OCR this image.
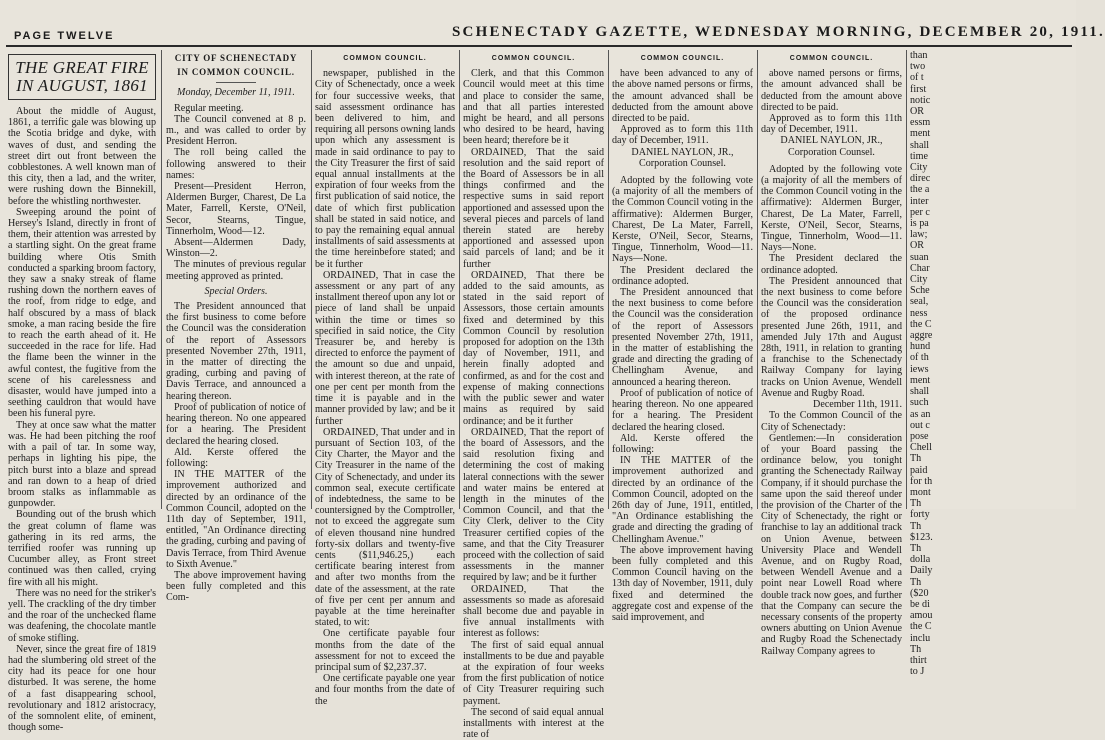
PAGE TWELVE	SCHENECTADY GAZETTE, WEDNESDAY MORNING, DECEMBER 20, 1911.
THE GREAT FIRE
IN AUGUST, 1861

About the middle of August, 1861, a terrific gale was blowing up the Scotia bridge and dyke, with waves of dust, and sending the street dirt out front between the cobblestones. A well known man of this city, then a lad, and the writer, were rushing down the Binnekill, before the whistling northwester.

Sweeping around the point of Hersey's Island, directly in front of them, their attention was arrested by a startling sight. On the great frame building where Otis Smith conducted a sparking broom factory, they saw a snaky streak of flame rushing down the northern eaves of the roof, from ridge to edge, and half obscured by a mass of black smoke, a man racing beside the fire to reach the earth ahead of it. He succeeded in the race for life. Had the flame been the winner in the awful contest, the fugitive from the scene of his carelessness and disaster, would have jumped into a seething cauldron that would have been his funeral pyre.

They at once saw what the matter was. He had been pitching the roof with a pail of tar. In some way, perhaps in lighting his pipe, the pitch burst into a blaze and spread and ran down to a heap of dried broom stalks as inflammable as gunpowder.

Bounding out of the brush which the great column of flame was gathering in its red arms, the terrified roofer was running up Cucumber alley, as Front street continued was then called, crying fire with all his might.

There was no need for the striker's yell. The crackling of the dry timber and the roar of the unchecked flame was deafening, the chocolate mantle of smoke stifling.

Never, since the great fire of 1819 had the slumbering old street of the city had its peace for one hour disturbed. It was serene, the home of a fast disappearing school, revolutionary and 1812 aristocracy, of the somnolent elite, of eminent, though some-

CITY OF SCHENECTADY
IN COMMON COUNCIL.
Monday, December 11, 1911.

Regular meeting.

The Council convened at 8 p. m., and was called to order by President Herron.

The roll being called the following answered to their names:

Present—President Herron, Aldermen Burger, Charest, De La Mater, Farrell, Kerste, O'Neil, Secor, Stearns, Tingue, Tinnerholm, Wood—12.

Absent—Aldermen Dady, Winston—2.

The minutes of previous regular meeting approved as printed.

Special Orders.

The President announced that the first business to come before the Council was the consideration of the report of Assessors presented November 27th, 1911, in the matter of directing the grading, curbing and paving of Davis Terrace, and announced a hearing thereon.

Proof of publication of notice of hearing thereon. No one appeared for a hearing. The President declared the hearing closed.

Ald. Kerste offered the following:

IN THE MATTER of the improvement authorized and directed by an ordinance of the Common Council, adopted on the 11th day of September, 1911, entitled, "An Ordinance directing the grading, curbing and paving of Davis Terrace, from Third Avenue to Sixth Avenue."

The above improvement having been fully completed and this Com-

COMMON COUNCIL.

newspaper, published in the City of Schenectady, once a week for four successive weeks, that said assessment ordinance has been delivered to him, and requiring all persons owning lands upon which any assessment is made in said ordinance to pay to the City Treasurer the first of said equal annual installments at the expiration of four weeks from the first publication of said notice, the date of which first publication shall be stated in said notice, and to pay the remaining equal annual installments of said assessments at the time hereinbefore stated; and be it further

ORDAINED, That in case the assessment or any part of any installment thereof upon any lot or piece of land shall be unpaid within the time or times so specified in said notice, the City Treasurer be, and hereby is directed to enforce the payment of the amount so due and unpaid, with interest thereon, at the rate of one per cent per month from the time it is payable and in the manner provided by law; and be it further

ORDAINED, That under and in pursuant of Section 103, of the City Charter, the Mayor and the City Treasurer in the name of the City of Schenectady, and under its common seal, execute certificate of indebtedness, the same to be countersigned by the Comptroller, not to exceed the aggregate sum of eleven thousand nine hundred forty-six dollars and twenty-five cents ($11,946.25,) each certificate bearing interest from and after two months from the date of the assessment, at the rate of five per cent per annum and payable at the time hereinafter stated, to wit:

One certificate payable four months from the date of the assessment for not to exceed the principal sum of $2,237.37.

One certificate payable one year and four months from the date of the

COMMON COUNCIL.

Clerk, and that this Common Council would meet at this time and place to consider the same, and that all parties interested might be heard, and all persons who desired to be heard, having been heard; therefore be it

ORDAINED, That the said resolution and the said report of the Board of Assessors be in all things confirmed and the respective sums in said report apportioned and assessed upon the several pieces and parcels of land therein stated are hereby apportioned and assessed upon said parcels of land; and be it further

ORDAINED, That there be added to the said amounts, as stated in the said report of Assessors, those certain amounts fixed and determined by this Common Council by resolution proposed for adoption on the 13th day of November, 1911, and herein finally adopted and confirmed, as and for the cost and expense of making connections with the public sewer and water mains as required by said ordinance; and be it further

ORDAINED, That the report of the board of Assessors, and the said resolution fixing and determining the cost of making lateral connections with the sewer and water mains be entered at length in the minutes of the Common Council, and that the City Clerk, deliver to the City Treasurer certified copies of the same, and that the City Treasurer proceed with the collection of said assessments in the manner required by law; and be it further

ORDAINED, That the assessments so made as aforesaid shall become due and payable in five annual installments with interest as follows:

The first of said equal annual installments to be due and payable at the expiration of four weeks from the first publication of notice of City Treasurer requiring such payment.

The second of said equal annual installments with interest at the rate of

COMMON COUNCIL.

have been advanced to any of the above named persons or firms, the amount advanced shall be deducted from the amount above directed to be paid.

Approved as to form this 11th day of December, 1911.

DANIEL NAYLON, JR.,
Corporation Counsel.

Adopted by the following vote (a majority of all the members of the Common Council voting in the affirmative): Aldermen Burger, Charest, De La Mater, Farrell, Kerste, O'Neil, Secor, Stearns, Tingue, Tinnerholm, Wood—11. Nays—None.

The President declared the ordinance adopted.

The President announced that the next business to come before the Council was the consideration of the report of Assessors presented November 27th, 1911, in the matter of establishing the grade and directing the grading of Chellingham Avenue, and announced a hearing thereon.

Proof of publication of notice of hearing thereon. No one appeared for a hearing. The President declared the hearing closed.

Ald. Kerste offered the following:

IN THE MATTER of the improvement authorized and directed by an ordinance of the Common Council, adopted on the 26th day of June, 1911, entitled, "An Ordinance establishing the grade and directing the grading of Chellingham Avenue."

The above improvement having been fully completed and this Common Council having on the 13th day of November, 1911, duly fixed and determined the aggregate cost and expense of the said improvement, and

COMMON COUNCIL.

above named persons or firms, the amount advanced shall be deducted from the amount above directed to be paid.

Approved as to form this 11th day of December, 1911.

DANIEL NAYLON, JR.,
Corporation Counsel.

Adopted by the following vote (a majority of all the members of the Common Council voting in the affirmative): Aldermen Burger, Charest, De La Mater, Farrell, Kerste, O'Neil, Secor, Stearns, Tingue, Tinnerholm, Wood—11. Nays—None.

The President declared the ordinance adopted.

The President announced that the next business to come before the Council was the consideration of the proposed ordinance presented June 26th, 1911, and amended July 17th and August 28th, 1911, in relation to granting a franchise to the Schenectady Railway Company for laying tracks on Union Avenue, Wendell Avenue and Rugby Road.

December 11th, 1911.

To the Common Council of the City of Schenectady:

Gentlemen:—In consideration of your Board passing the ordinance below, you tonight granting the Schenectady Railway Company, if it should purchase the same upon the said thereof under the provision of the Charter of the City of Schenectady, the right or franchise to lay an additional track on Union Avenue, between University Place and Wendell Avenue, and on Rugby Road, between Wendell Avenue and a point near Lowell Road where double track now goes, and further that the Company can secure the necessary consents of the property owners abutting on Union Avenue and Rugby Road the Schenectady Railway Company agrees to

than
two
of t
first
notic
OR
essm
ment
shall
time
City
direc
the a
inter
per c
is pa
law;
OR
suan
Char
City
Sche
seal,
ness
the C
aggre
hund
of th
iews
ment
shall
such
as an
out c
pose
Chell
Th
paid
for th
mont
Th
forty
Th
$123.
Th
dolla
Daily
Th
($20
be di
amou
the C
inclu
Th
thirt
to J
